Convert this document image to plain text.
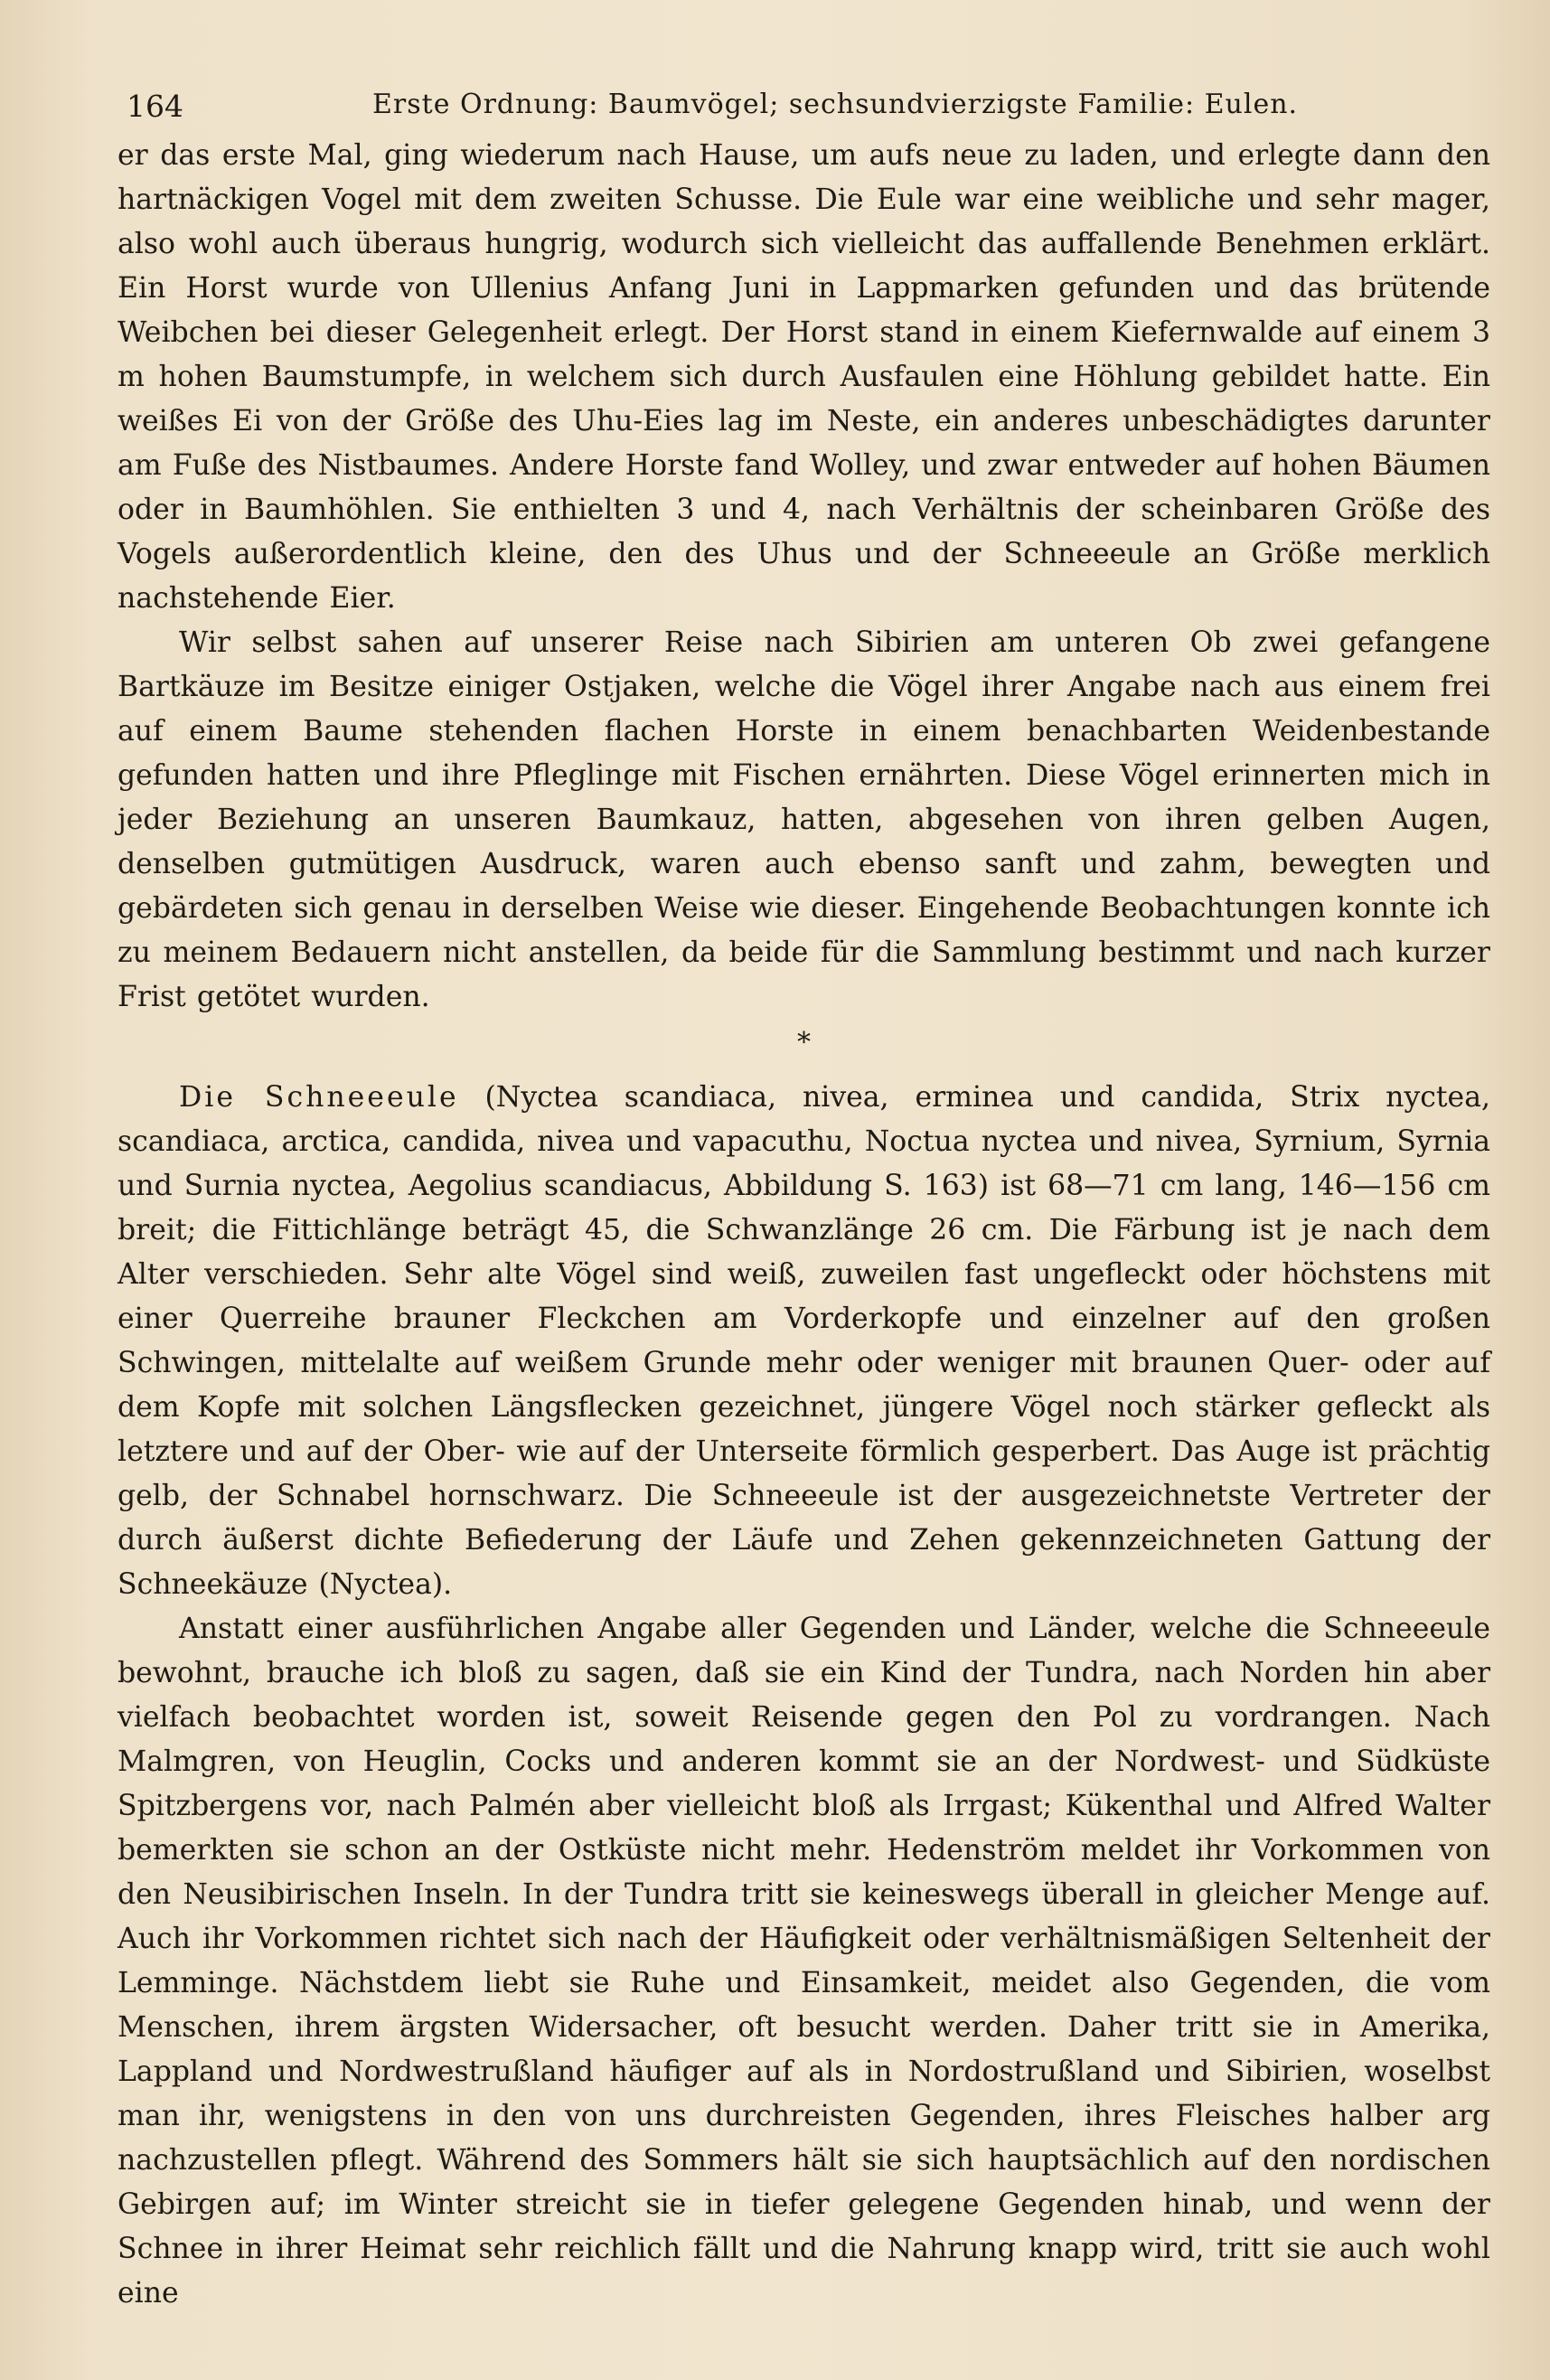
164	Erste Ordnung: Baumvögel; sechsundvierzigste Familie: Eulen.

er das erste Mal, ging wiederum nach Hause, um aufs neue zu laden, und erlegte dann den hartnäckigen Vogel mit dem zweiten Schusse. Die Eule war eine weibliche und sehr mager, also wohl auch überaus hungrig, wodurch sich vielleicht das auffallende Benehmen erklärt. Ein Horst wurde von Ullenius Anfang Juni in Lappmarken gefunden und das brütende Weibchen bei dieser Gelegenheit erlegt. Der Horst stand in einem Kiefernwalde auf einem 3 m hohen Baumstumpfe, in welchem sich durch Ausfaulen eine Höhlung gebildet hatte. Ein weißes Ei von der Größe des Uhu-Eies lag im Neste, ein anderes unbeschädigtes darunter am Fuße des Nistbaumes. Andere Horste fand Wolley, und zwar entweder auf hohen Bäumen oder in Baumhöhlen. Sie enthielten 3 und 4, nach Verhältnis der scheinbaren Größe des Vogels außerordentlich kleine, den des Uhus und der Schneeeule an Größe merklich nachstehende Eier.

Wir selbst sahen auf unserer Reise nach Sibirien am unteren Ob zwei gefangene Bartkäuze im Besitze einiger Ostjaken, welche die Vögel ihrer Angabe nach aus einem frei auf einem Baume stehenden flachen Horste in einem benachbarten Weidenbestande gefunden hatten und ihre Pfleglinge mit Fischen ernährten. Diese Vögel erinnerten mich in jeder Beziehung an unseren Baumkauz, hatten, abgesehen von ihren gelben Augen, denselben gutmütigen Ausdruck, waren auch ebenso sanft und zahm, bewegten und gebärdeten sich genau in derselben Weise wie dieser. Eingehende Beobachtungen konnte ich zu meinem Bedauern nicht anstellen, da beide für die Sammlung bestimmt und nach kurzer Frist getötet wurden.

*

Die Schneeeule (Nyctea scandiaca, nivea, erminea und candida, Strix nyctea, scandiaca, arctica, candida, nivea und vapacuthu, Noctua nyctea und nivea, Syrnium, Syrnia und Surnia nyctea, Aegolius scandiacus, Abbildung S. 163) ist 68—71 cm lang, 146—156 cm breit; die Fittichlänge beträgt 45, die Schwanzlänge 26 cm. Die Färbung ist je nach dem Alter verschieden. Sehr alte Vögel sind weiß, zuweilen fast ungefleckt oder höchstens mit einer Querreihe brauner Fleckchen am Vorderkopfe und einzelner auf den großen Schwingen, mittelalte auf weißem Grunde mehr oder weniger mit braunen Quer- oder auf dem Kopfe mit solchen Längsflecken gezeichnet, jüngere Vögel noch stärker gefleckt als letztere und auf der Ober- wie auf der Unterseite förmlich gesperbert. Das Auge ist prächtig gelb, der Schnabel hornschwarz. Die Schneeeule ist der ausgezeichnetste Vertreter der durch äußerst dichte Befiederung der Läufe und Zehen gekennzeichneten Gattung der Schneekäuze (Nyctea).

Anstatt einer ausführlichen Angabe aller Gegenden und Länder, welche die Schneeeule bewohnt, brauche ich bloß zu sagen, daß sie ein Kind der Tundra, nach Norden hin aber vielfach beobachtet worden ist, soweit Reisende gegen den Pol zu vordrangen. Nach Malmgren, von Heuglin, Cocks und anderen kommt sie an der Nordwest- und Südküste Spitzbergens vor, nach Palmén aber vielleicht bloß als Irrgast; Kükenthal und Alfred Walter bemerkten sie schon an der Ostküste nicht mehr. Hedenström meldet ihr Vorkommen von den Neusibirischen Inseln. In der Tundra tritt sie keineswegs überall in gleicher Menge auf. Auch ihr Vorkommen richtet sich nach der Häufigkeit oder verhältnismäßigen Seltenheit der Lemminge. Nächstdem liebt sie Ruhe und Einsamkeit, meidet also Gegenden, die vom Menschen, ihrem ärgsten Widersacher, oft besucht werden. Daher tritt sie in Amerika, Lappland und Nordwestrußland häufiger auf als in Nordostrußland und Sibirien, woselbst man ihr, wenigstens in den von uns durchreisten Gegenden, ihres Fleisches halber arg nachzustellen pflegt. Während des Sommers hält sie sich hauptsächlich auf den nordischen Gebirgen auf; im Winter streicht sie in tiefer gelegene Gegenden hinab, und wenn der Schnee in ihrer Heimat sehr reichlich fällt und die Nahrung knapp wird, tritt sie auch wohl eine
